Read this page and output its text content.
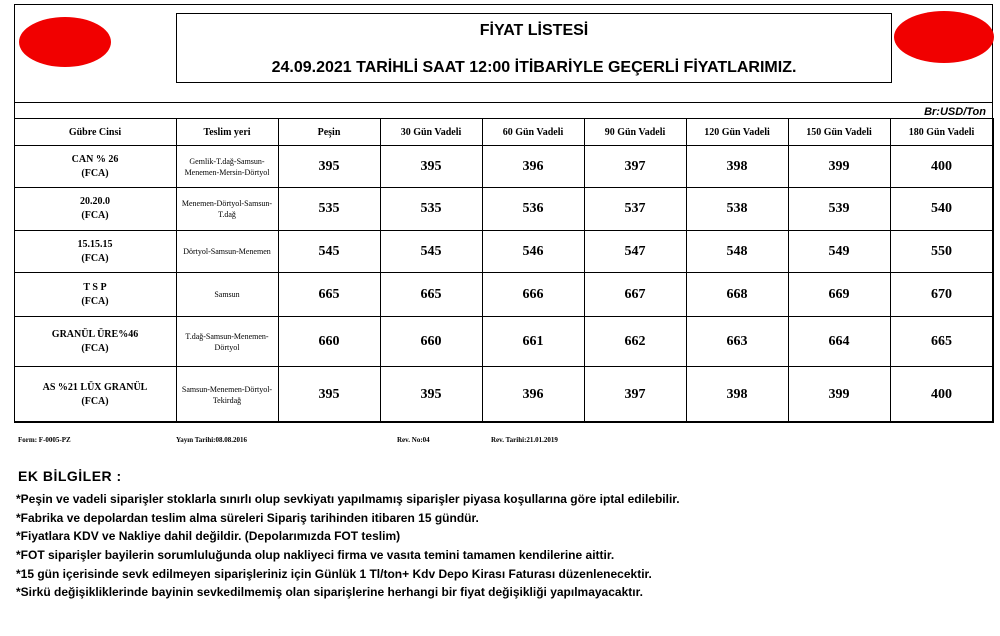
FİYAT LİSTESİ
24.09.2021 TARİHLİ SAAT 12:00 İTİBARİYLE GEÇERLİ FİYATLARIMIZ.
Br:USD/Ton
Gübre Cinsi	Teslim yeri	Peşin	30 Gün Vadeli	60 Gün Vadeli	90 Gün Vadeli	120 Gün Vadeli	150 Gün Vadeli	180 Gün Vadeli

CAN % 26
(FCA)	Gemlik-T.dağ-Samsun-Menemen-Mersin-Dörtyol	395	395	396	397	398	399	400

20.20.0
(FCA)	Menemen-Dörtyol-Samsun-T.dağ	535	535	536	537	538	539	540

15.15.15
(FCA)	Dörtyol-Samsun-Menemen	545	545	546	547	548	549	550

T S P
(FCA)	Samsun	665	665	666	667	668	669	670

GRANÜL ÜRE%46
(FCA)	T.dağ-Samsun-Menemen-Dörtyol	660	660	661	662	663	664	665

AS %21 LÜX GRANÜL
(FCA)	Samsun-Menemen-Dörtyol-Tekirdağ	395	395	396	397	398	399	400
Form: F-0005-PZ	Yayın Tarihi:08.08.2016	Rev. No:04	Rev. Tarihi:21.01.2019
EK BİLGİLER :
*Peşin ve vadeli siparişler stoklarla sınırlı olup sevkiyatı yapılmamış siparişler piyasa koşullarına göre iptal edilebilir.
*Fabrika ve depolardan teslim alma süreleri Sipariş tarihinden itibaren 15 gündür.
*Fiyatlara KDV ve Nakliye dahil değildir. (Depolarımızda FOT teslim)
*FOT siparişler bayilerin sorumluluğunda olup nakliyeci firma ve vasıta temini tamamen kendilerine aittir.
*15 gün içerisinde sevk edilmeyen siparişleriniz için Günlük 1 Tl/ton+ Kdv Depo Kirası Faturası düzenlenecektir.
*Sirkü değişikliklerinde bayinin sevkedilmemiş olan siparişlerine herhangi bir fiyat değişikliği yapılmayacaktır.
